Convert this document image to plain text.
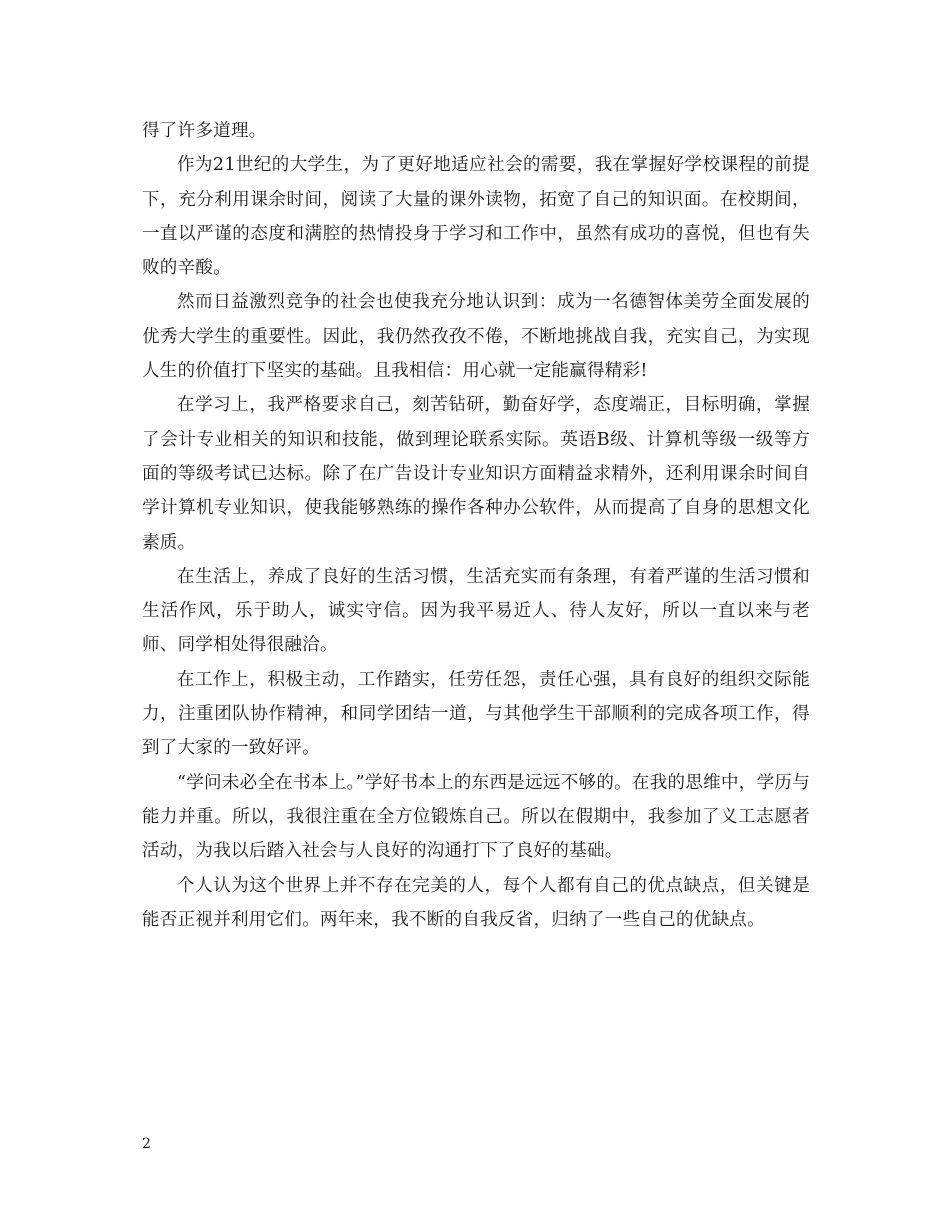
得了许多道理。

作为21世纪的大学生，为了更好地适应社会的需要，我在掌握好学校课程的前提下，充分利用课余时间，阅读了大量的课外读物，拓宽了自己的知识面。在校期间，一直以严谨的态度和满腔的热情投身于学习和工作中，虽然有成功的喜悦，但也有失败的辛酸。

然而日益激烈竞争的社会也使我充分地认识到：成为一名德智体美劳全面发展的优秀大学生的重要性。因此，我仍然孜孜不倦，不断地挑战自我，充实自己，为实现人生的价值打下坚实的基础。且我相信：用心就一定能赢得精彩!

在学习上，我严格要求自己，刻苦钻研，勤奋好学，态度端正，目标明确，掌握了会计专业相关的知识和技能，做到理论联系实际。英语B级、计算机等级一级等方面的等级考试已达标。除了在广告设计专业知识方面精益求精外，还利用课余时间自学计算机专业知识，使我能够熟练的操作各种办公软件，从而提高了自身的思想文化素质。

在生活上，养成了良好的生活习惯，生活充实而有条理，有着严谨的生活习惯和生活作风，乐于助人，诚实守信。因为我平易近人、待人友好，所以一直以来与老师、同学相处得很融洽。

在工作上，积极主动，工作踏实，任劳任怨，责任心强，具有良好的组织交际能力，注重团队协作精神，和同学团结一道，与其他学生干部顺利的完成各项工作，得到了大家的一致好评。

“学问未必全在书本上。”学好书本上的东西是远远不够的。在我的思维中，学历与能力并重。所以，我很注重在全方位锻炼自己。所以在假期中，我参加了义工志愿者活动，为我以后踏入社会与人良好的沟通打下了良好的基础。

个人认为这个世界上并不存在完美的人，每个人都有自己的优点缺点，但关键是能否正视并利用它们。两年来，我不断的自我反省，归纳了一些自己的优缺点。

2
